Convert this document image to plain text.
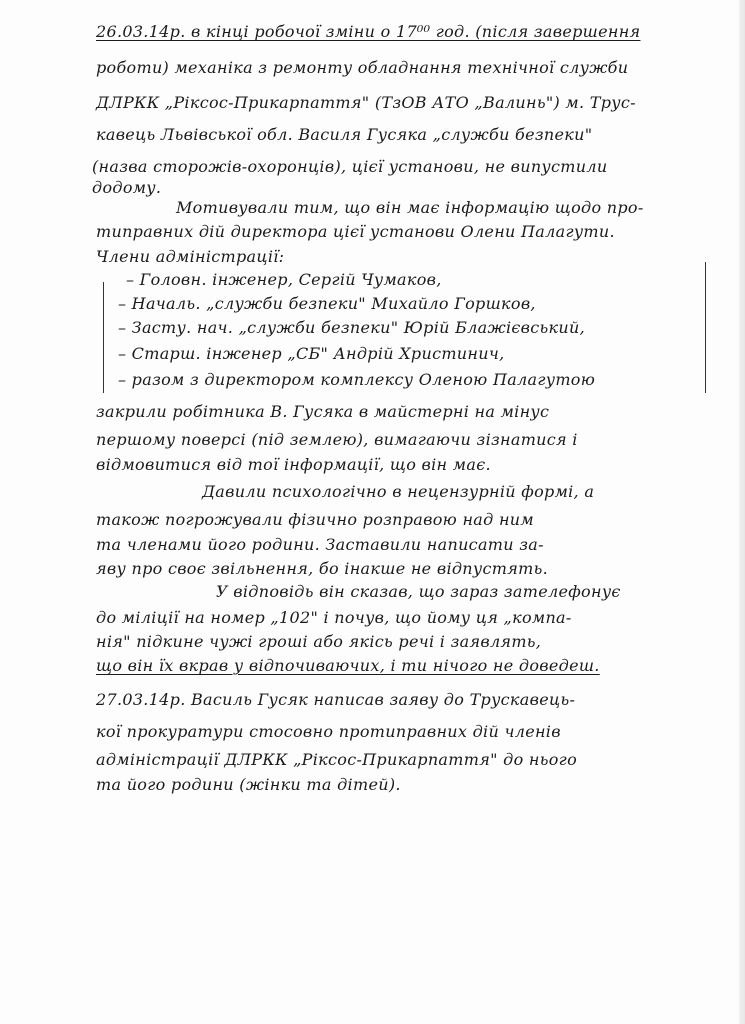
26.03.14р. в кінці робочої зміни о 17⁰⁰ год. (після завершення
роботи) механіка з ремонту обладнання технічної служби
ДЛРКК „Ріксос-Прикарпаття" (ТзОВ АТО „Валинь") м. Трус-
кавець Львівської обл. Василя Гусяка „служби безпеки"
(назва сторожів-охоронців), цієї установи, не випустили
додому.
Мотивували тим, що він має інформацію щодо про-
типравних дій директора цієї установи Олени Палагути.
Члени адміністрації:
– Головн. інженер, Сергій Чумаков,
– Началь. „служби безпеки" Михайло Горшков,
– Засту. нач. „служби безпеки" Юрій Блажієвський,
– Старш. інженер „СБ" Андрій Христинич,
– разом з директором комплексу Оленою Палагутою
закрили робітника В. Гусяка в майстерні на мінус
першому поверсі (під землею), вимагаючи зізнатися і
відмовитися від тої інформації, що він має.
Давили психологічно в нецензурній формі, а
також погрожували фізично розправою над ним
та членами його родини. Заставили написати за-
яву про своє звільнення, бо інакше не відпустять.
У відповідь він сказав, що зараз зателефонує
до міліції на номер „102" і почув, що йому ця „компа-
нія" підкине чужі гроші або якісь речі і заявлять,
що він їх вкрав у відпочиваючих, і ти нічого не доведеш.
27.03.14р. Василь Гусяк написав заяву до Трускавець-
кої прокуратури стосовно протиправних дій членів
адміністрації ДЛРКК „Ріксос-Прикарпаття" до нього
та його родини (жінки та дітей).
